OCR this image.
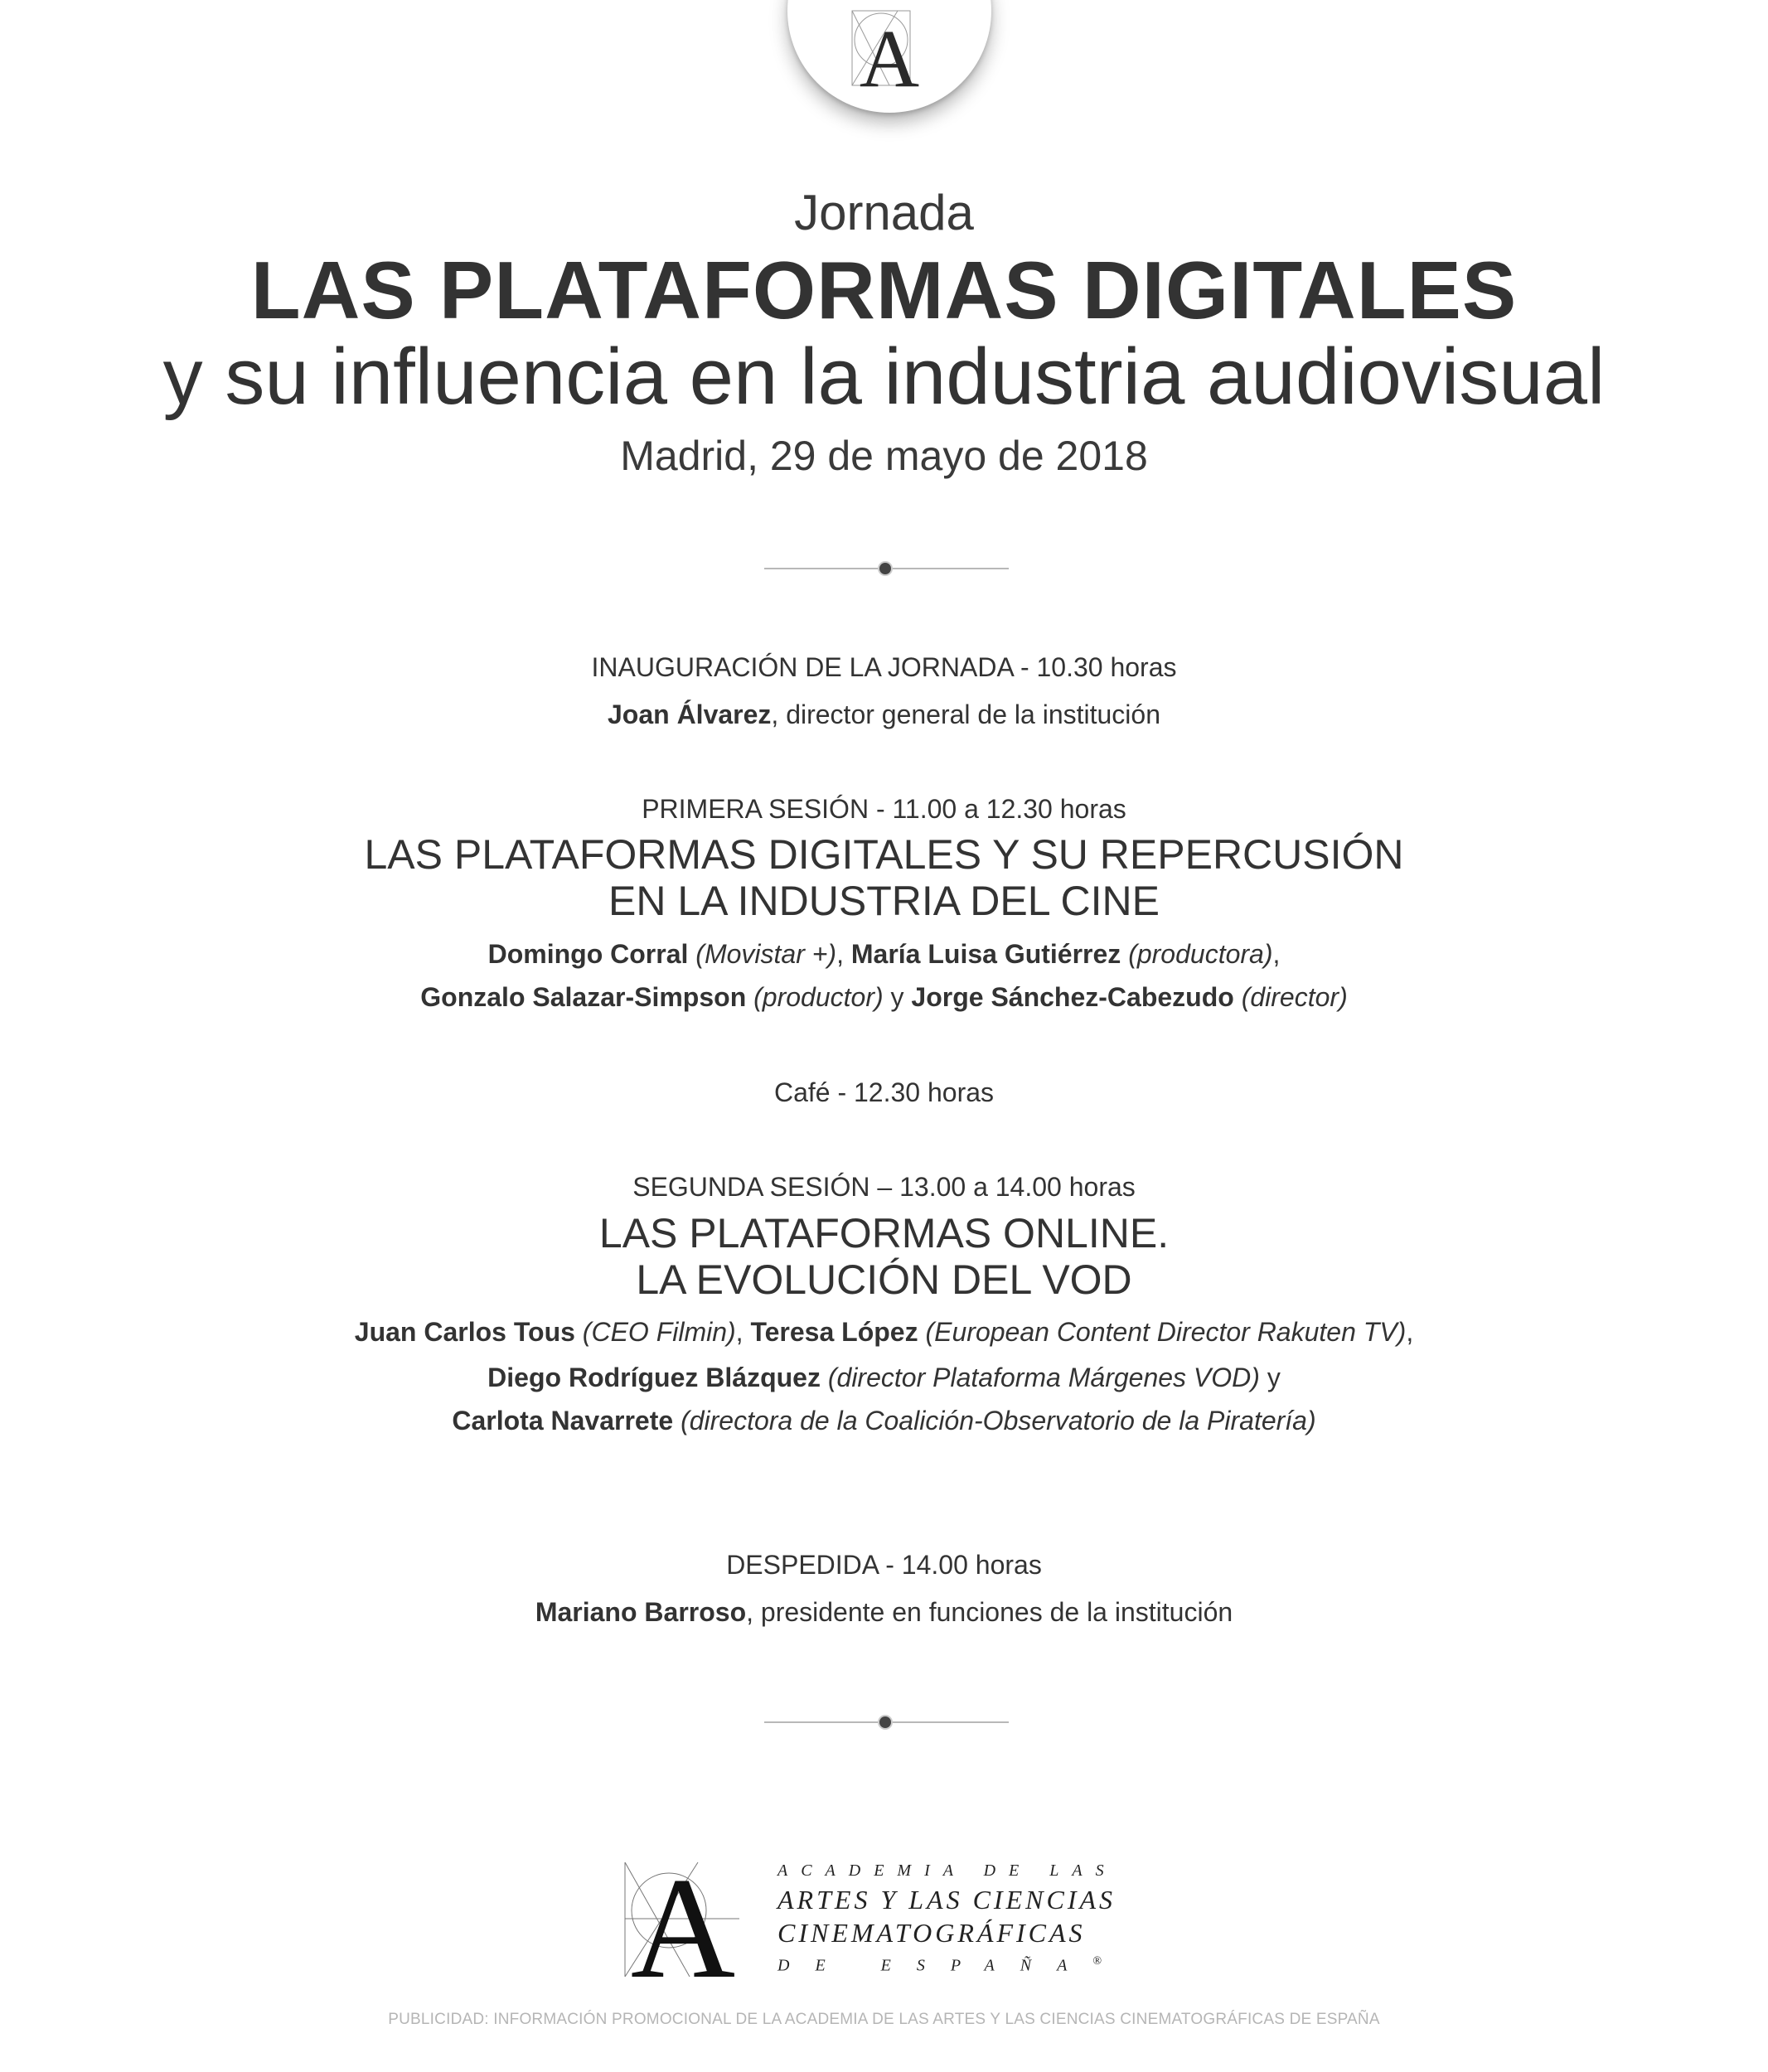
A
Jornada
LAS PLATAFORMAS DIGITALES
y su influencia en la industria audiovisual
Madrid, 29 de mayo de 2018
INAUGURACIÓN DE LA JORNADA - 10.30 horas
Joan Álvarez, director general de la institución
PRIMERA SESIÓN - 11.00 a 12.30 horas
LAS PLATAFORMAS DIGITALES Y SU REPERCUSIÓN
EN LA INDUSTRIA DEL CINE
Domingo Corral (Movistar +), María Luisa Gutiérrez (productora),
Gonzalo Salazar-Simpson (productor) y Jorge Sánchez-Cabezudo (director)
Café - 12.30 horas
SEGUNDA SESIÓN – 13.00 a 14.00 horas
LAS PLATAFORMAS ONLINE.
LA EVOLUCIÓN DEL VOD
Juan Carlos Tous (CEO Filmin), Teresa López (European Content Director Rakuten TV),
Diego Rodríguez Blázquez (director Plataforma Márgenes VOD) y
Carlota Navarrete (directora de la Coalición-Observatorio de la Piratería)
DESPEDIDA - 14.00 horas
Mariano Barroso, presidente en funciones de la institución
A	ACADEMIA DE LAS
ARTES Y LAS CIENCIAS
CINEMATOGRÁFICAS
DE ESPAÑA®
PUBLICIDAD: INFORMACIÓN PROMOCIONAL DE LA ACADEMIA DE LAS ARTES Y LAS CIENCIAS CINEMATOGRÁFICAS DE ESPAÑA
